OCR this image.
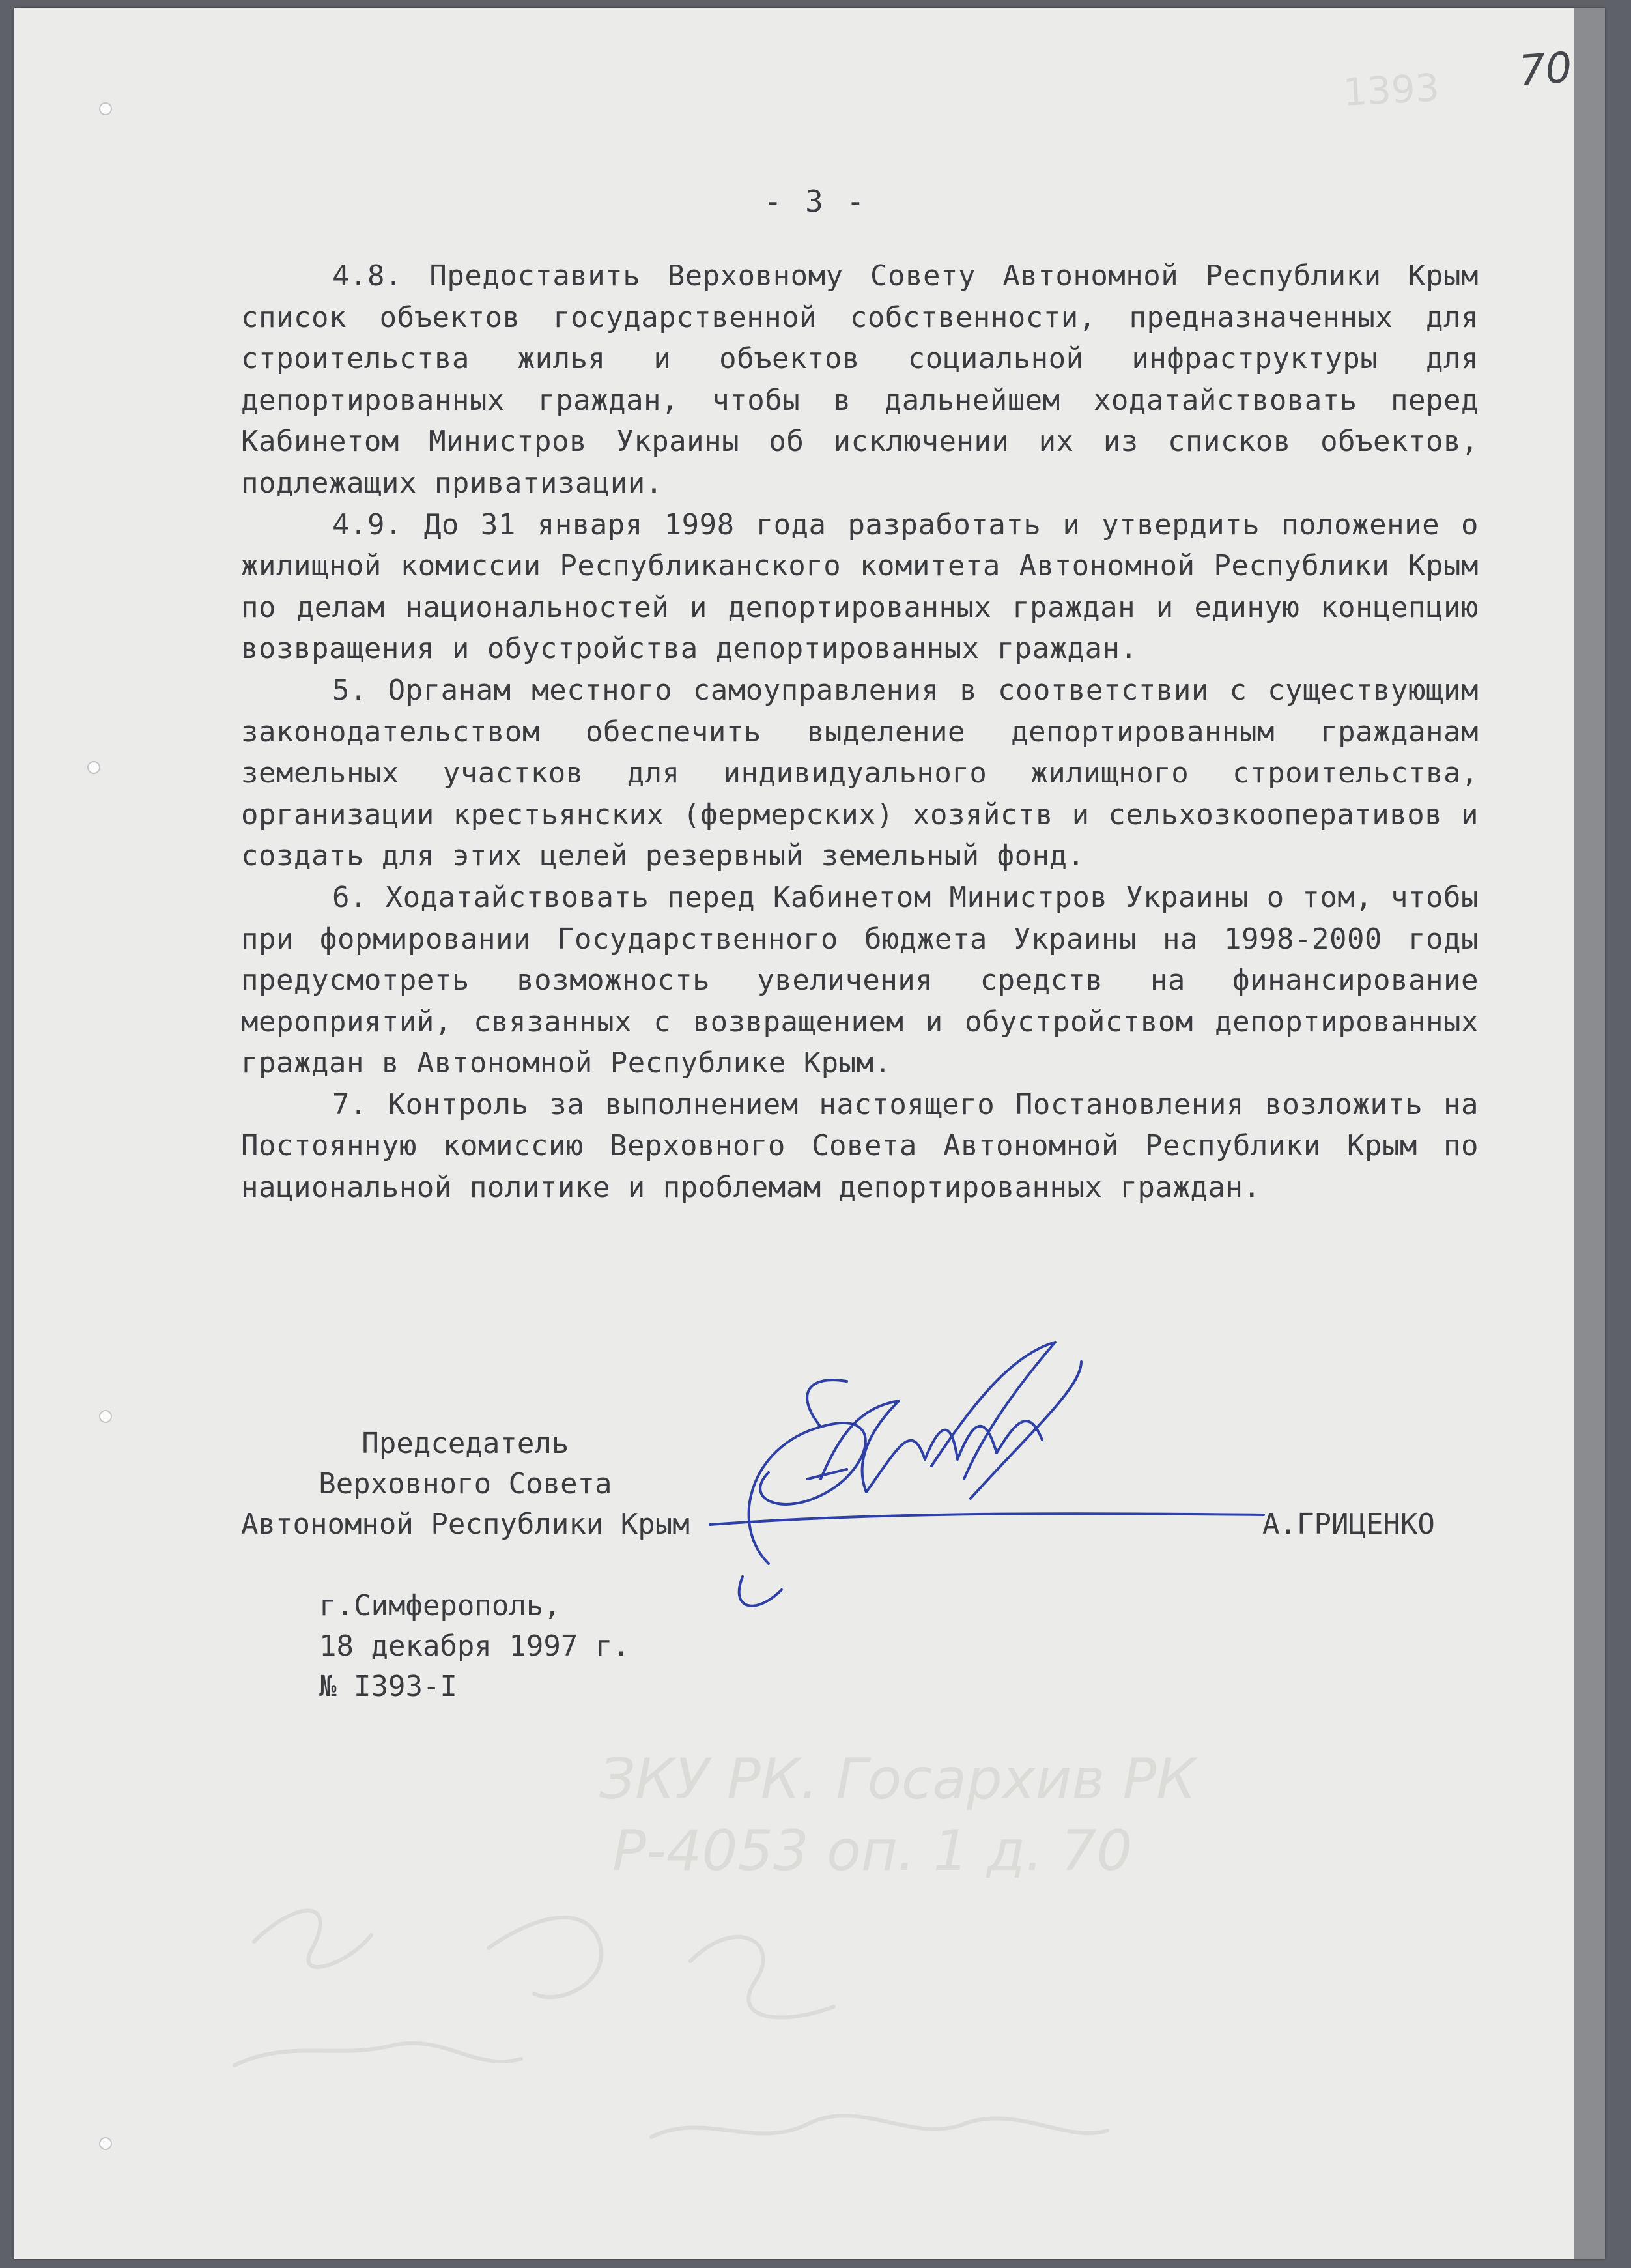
70
1393
- 3 -

4.8. Предоставить Верховному Совету Автономной Республики Крым список объектов государственной собственности, предназначенных для строительства жилья и объектов социальной инфраструктуры для депортированных граждан, чтобы в дальнейшем ходатайствовать перед Кабинетом Министров Украины об исключении их из списков объектов, подлежащих приватизации.

4.9. До 31 января 1998 года разработать и утвердить положение о жилищной комиссии Республиканского комитета Автономной Республики Крым по делам национальностей и депортированных граждан и единую концепцию возвращения и обустройства депортированных граждан.

5. Органам местного самоуправления в соответствии с существующим законодательством обеспечить выделение депортированным гражданам земельных участков для индивидуального жилищного строительства, организации крестьянских (фермерских) хозяйств и сельхозкооперативов и создать для этих целей резервный земельный фонд.

6. Ходатайствовать перед Кабинетом Министров Украины о том, чтобы при формировании Государственного бюджета Украины на 1998-2000 годы предусмотреть возможность увеличения средств на финансирование мероприятий, связанных с возвращением и обустройством депортированных граждан в Автономной Республике Крым.

7. Контроль за выполнением настоящего Постановления возложить на Постоянную комиссию Верховного Совета Автономной Республики Крым по национальной политике и проблемам депортированных граждан.

Председатель
Верховного Совета
Автономной Республики Крым	А.ГРИЦЕНКО
г.Симферополь,
18 декабря 1997 г.
№ I393-I
ЗКУ РК. Госархив РК
Р-4053 оп. 1 д. 70
